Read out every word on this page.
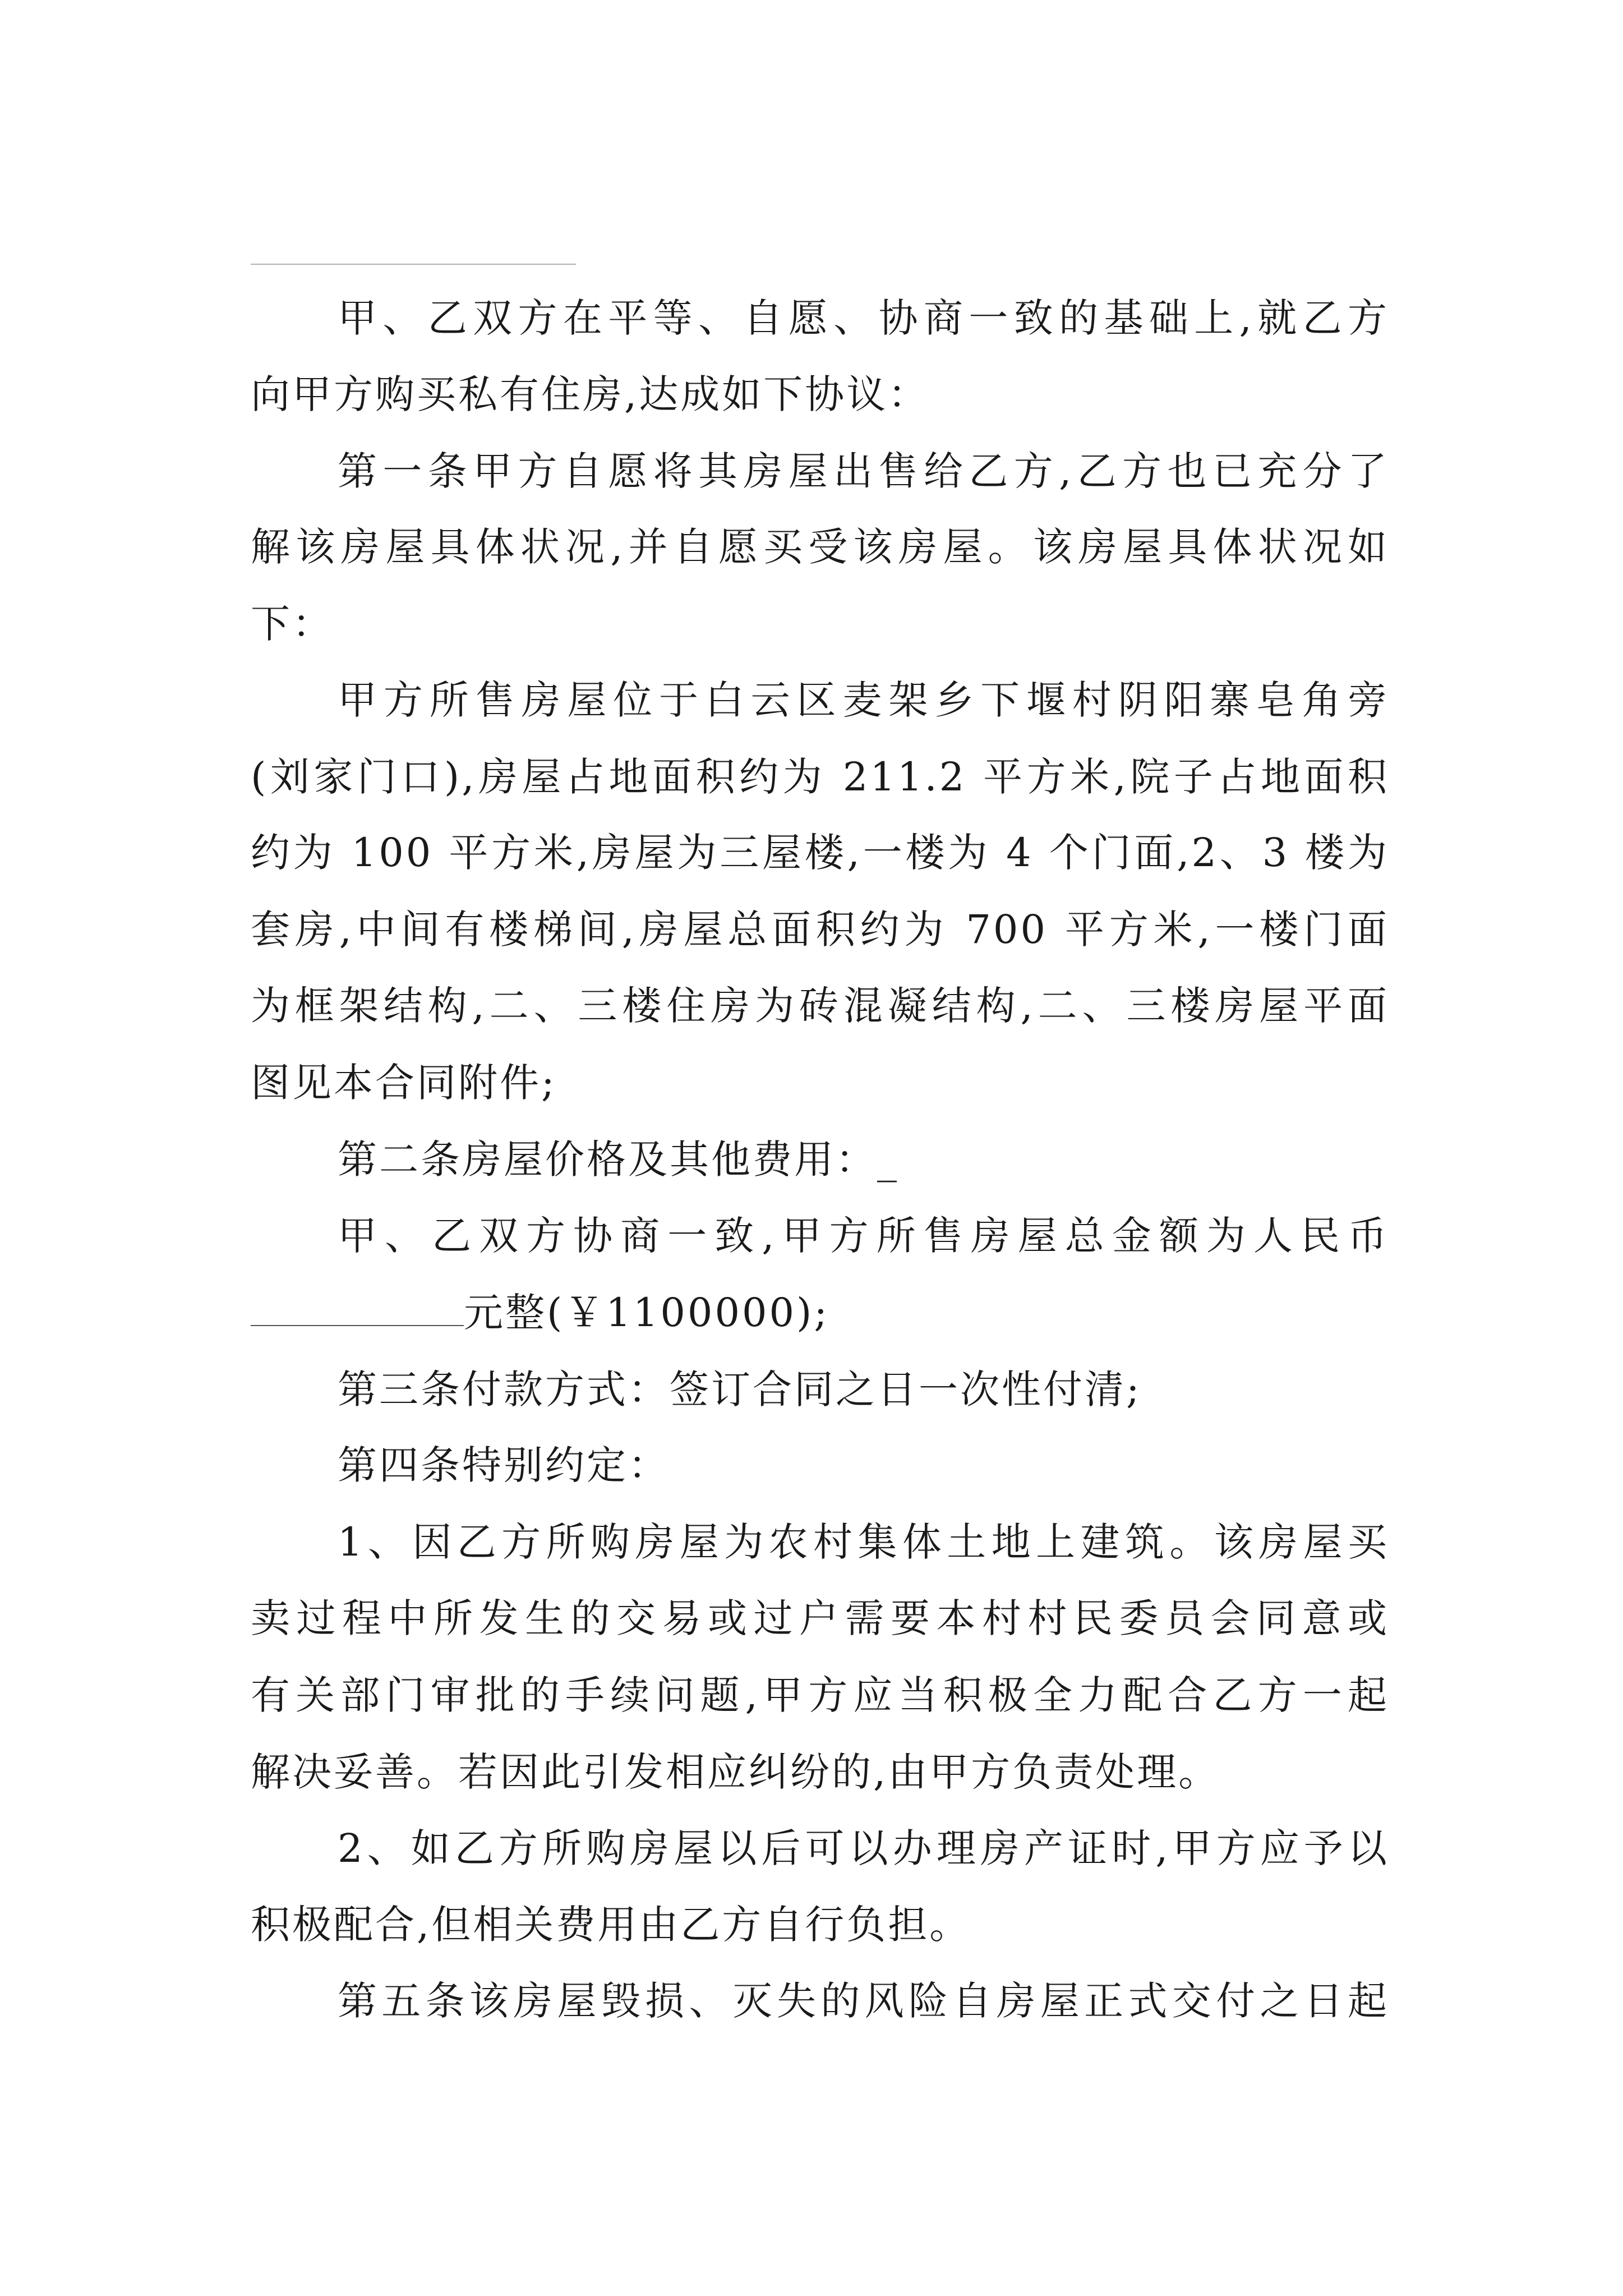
甲、乙双方在平等、自愿、协商一致的基础上,就乙方
向甲方购买私有住房,达成如下协议：
第一条甲方自愿将其房屋出售给乙方,乙方也已充分了
解该房屋具体状况,并自愿买受该房屋。该房屋具体状况如
下：
甲方所售房屋位于白云区麦架乡下堰村阴阳寨皂角旁
(刘家门口),房屋占地面积约为 211.2 平方米,院子占地面积
约为 100 平方米,房屋为三屋楼,一楼为 4 个门面,2、3 楼为
套房,中间有楼梯间,房屋总面积约为 700 平方米,一楼门面
为框架结构,二、三楼住房为砖混凝结构,二、三楼房屋平面
图见本合同附件;
第二条房屋价格及其他费用：_
甲、乙双方协商一致,甲方所售房屋总金额为人民币
元整(￥1100000);
第三条付款方式：签订合同之日一次性付清;
第四条特别约定：
1、因乙方所购房屋为农村集体土地上建筑。该房屋买
卖过程中所发生的交易或过户需要本村村民委员会同意或
有关部门审批的手续问题,甲方应当积极全力配合乙方一起
解决妥善。若因此引发相应纠纷的,由甲方负责处理。
2、如乙方所购房屋以后可以办理房产证时,甲方应予以
积极配合,但相关费用由乙方自行负担。
第五条该房屋毁损、灭失的风险自房屋正式交付之日起
